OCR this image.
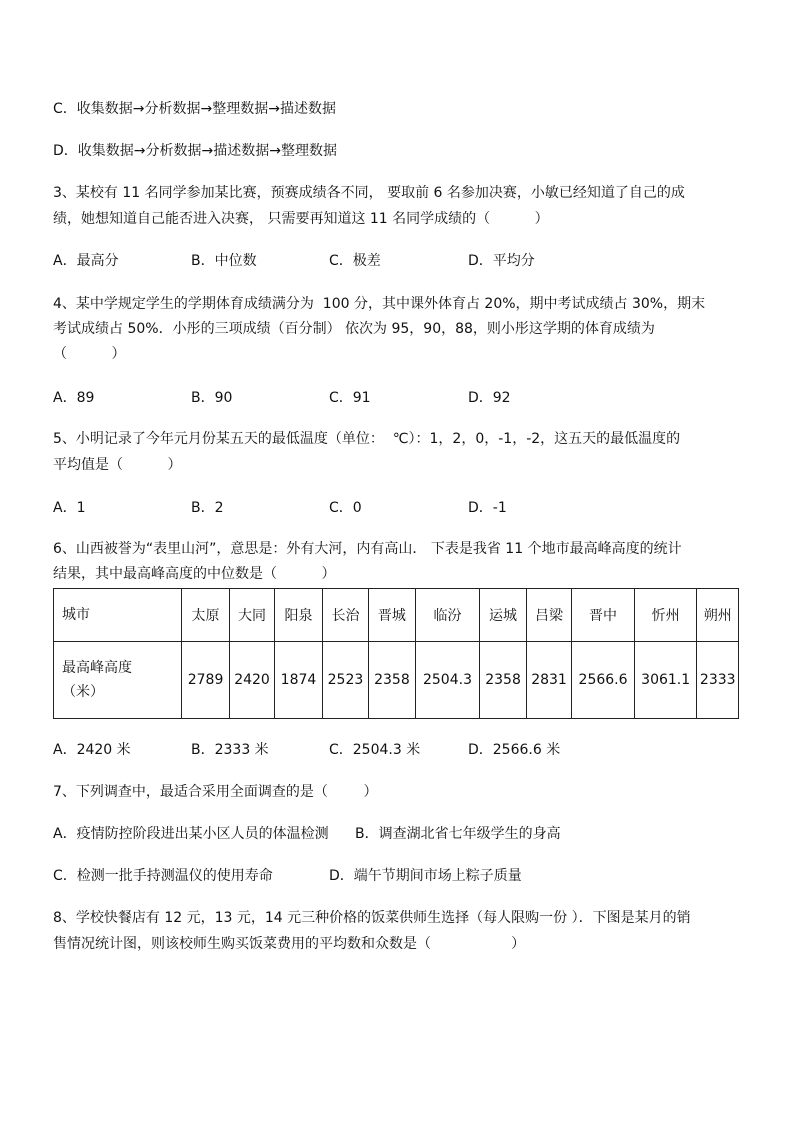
C．收集数据→分析数据→整理数据→描述数据
D．收集数据→分析数据→描述数据→整理数据
3、某校有 11 名同学参加某比赛，预赛成绩各不同， 要取前 6 名参加决赛，小敏已经知道了自己的成
绩，她想知道自己能否进入决赛， 只需要再知道这 11 名同学成绩的（          ）
A．最高分	B．中位数	C．极差	D．平均分
4、某中学规定学生的学期体育成绩满分为  100 分，其中课外体育占 20%，期中考试成绩占 30%，期末
考试成绩占 50%．小彤的三项成绩（百分制） 依次为 95，90，88，则小彤这学期的体育成绩为
（          ）
A．89	B．90	C．91	D．92
5、小明记录了今年元月份某五天的最低温度（单位：  ℃）：1，2，0，-1，-2，这五天的最低温度的
平均值是（          ）
A．1	B．2	C．0	D．-1
6、山西被誉为“表里山河”，意思是：外有大河，内有高山． 下表是我省 11 个地市最高峰高度的统计
结果，其中最高峰高度的中位数是（          ）
城市	太原	大同	阳泉	长治	晋城	临汾	运城	吕梁	晋中	忻州	朔州

最高峰高度
（米）	2789	2420	1874	2523	2358	2504.3	2358	2831	2566.6	3061.1	2333
A．2420 米	B．2333 米	C．2504.3 米	D．2566.6 米
7、下列调查中，最适合采用全面调查的是（        ）
A．疫情防控阶段进出某小区人员的体温检测 B．调查湖北省七年级学生的身高
C．检测一批手持测温仪的使用寿命	D．端午节期间市场上粽子质量
8、学校快餐店有 12 元，13 元，14 元三种价格的饭菜供师生选择（每人限购一份 ）．下图是某月的销
售情况统计图，则该校师生购买饭菜费用的平均数和众数是（                  ）
